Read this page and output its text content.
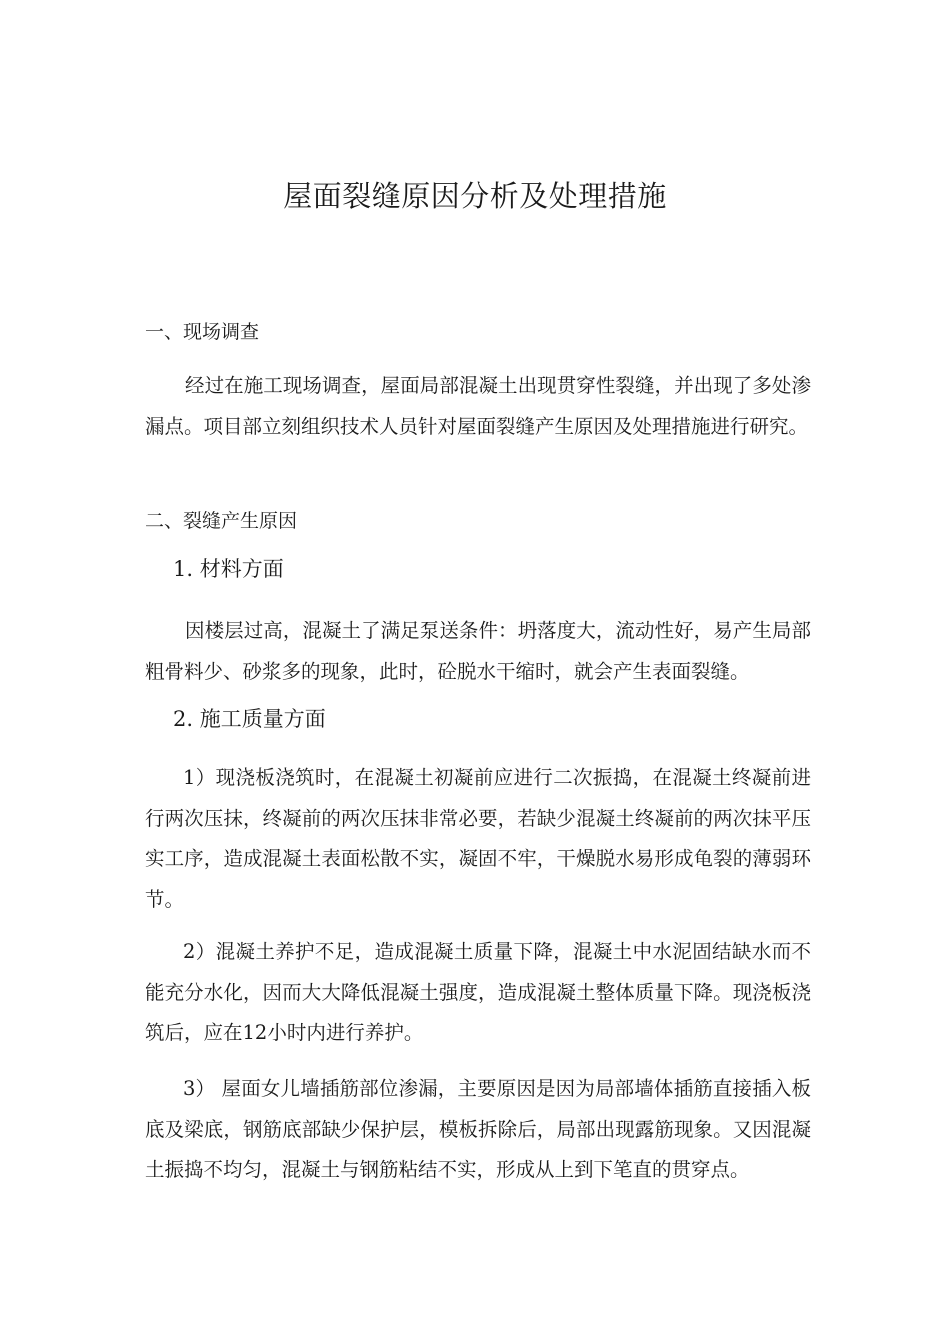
屋面裂缝原因分析及处理措施
一、现场调查
经过在施工现场调查，屋面局部混凝土出现贯穿性裂缝，并出现了多处渗漏点。项目部立刻组织技术人员针对屋面裂缝产生原因及处理措施进行研究。
二、裂缝产生原因
1. 材料方面
因楼层过高，混凝土了满足泵送条件：坍落度大，流动性好，易产生局部粗骨料少、砂浆多的现象，此时，砼脱水干缩时，就会产生表面裂缝。
2. 施工质量方面
1）现浇板浇筑时，在混凝土初凝前应进行二次振捣，在混凝土终凝前进行两次压抹，终凝前的两次压抹非常必要，若缺少混凝土终凝前的两次抹平压实工序，造成混凝土表面松散不实，凝固不牢，干燥脱水易形成龟裂的薄弱环节。
2）混凝土养护不足，造成混凝土质量下降，混凝土中水泥固结缺水而不能充分水化，因而大大降低混凝土强度，造成混凝土整体质量下降。现浇板浇筑后，应在12小时内进行养护。
3） 屋面女儿墙插筋部位渗漏，主要原因是因为局部墙体插筋直接插入板底及梁底，钢筋底部缺少保护层，模板拆除后，局部出现露筋现象。又因混凝土振捣不均匀，混凝土与钢筋粘结不实，形成从上到下笔直的贯穿点。
